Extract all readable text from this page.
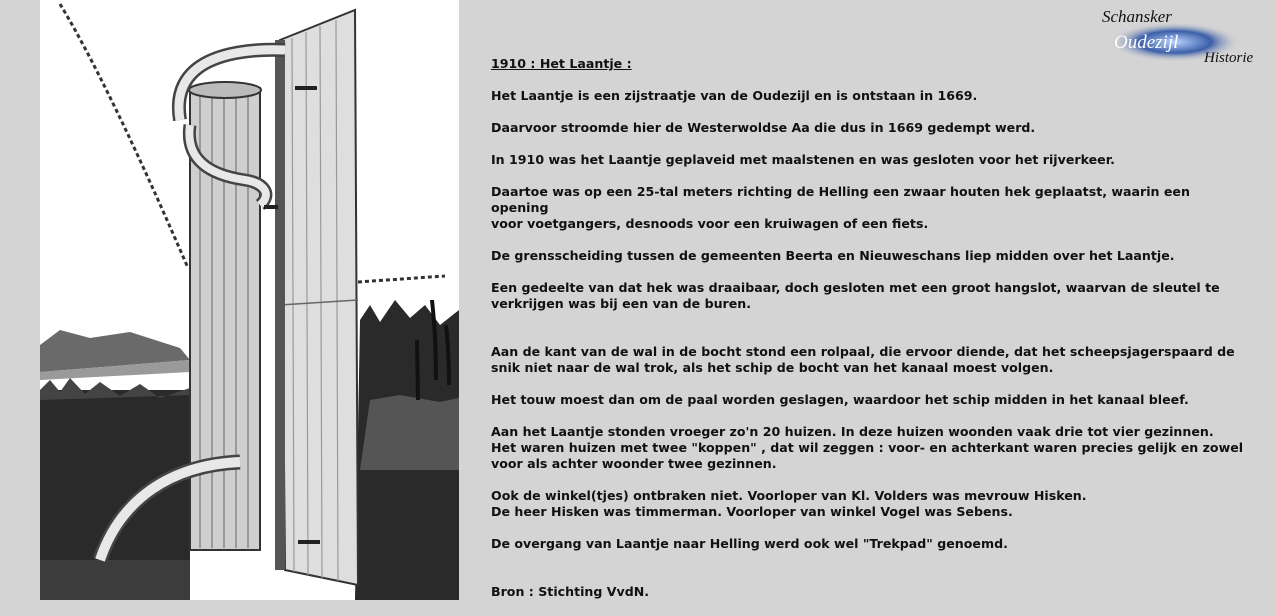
Schansker
Oudezijl
Historie

1910 : Het Laantje :

Het Laantje is een zijstraatje van de Oudezijl en is ontstaan in 1669.

Daarvoor stroomde hier de Westerwoldse Aa die dus in 1669 gedempt werd.

In 1910 was het Laantje geplaveid met maalstenen en was gesloten voor het rijverkeer.

Daartoe was op een 25-tal meters richting de Helling een zwaar houten hek geplaatst, waarin een opening
voor voetgangers, desnoods voor een kruiwagen of een fiets.

De grensscheiding tussen de gemeenten Beerta en Nieuweschans liep midden over het Laantje.

Een gedeelte van dat hek was draaibaar, doch gesloten met een groot hangslot, waarvan de sleutel te
verkrijgen was bij een van de buren.

Aan de kant van de wal in de bocht stond een rolpaal, die ervoor diende, dat het scheepsjagerspaard de
snik niet naar de wal trok, als het schip de bocht van het kanaal moest volgen.

Het touw moest dan om de paal worden geslagen, waardoor het schip midden in het kanaal bleef.

Aan het Laantje stonden vroeger zo'n 20 huizen. In deze huizen woonden vaak drie tot vier gezinnen.
Het waren huizen met twee "koppen" , dat wil zeggen : voor- en achterkant waren precies gelijk en zowel
voor als achter woonder twee gezinnen.

Ook de winkel(tjes) ontbraken niet. Voorloper van Kl. Volders was mevrouw Hisken.
De heer Hisken was timmerman. Voorloper van winkel Vogel was Sebens.

De overgang van Laantje naar Helling werd ook wel "Trekpad" genoemd.

Bron : Stichting VvdN.
